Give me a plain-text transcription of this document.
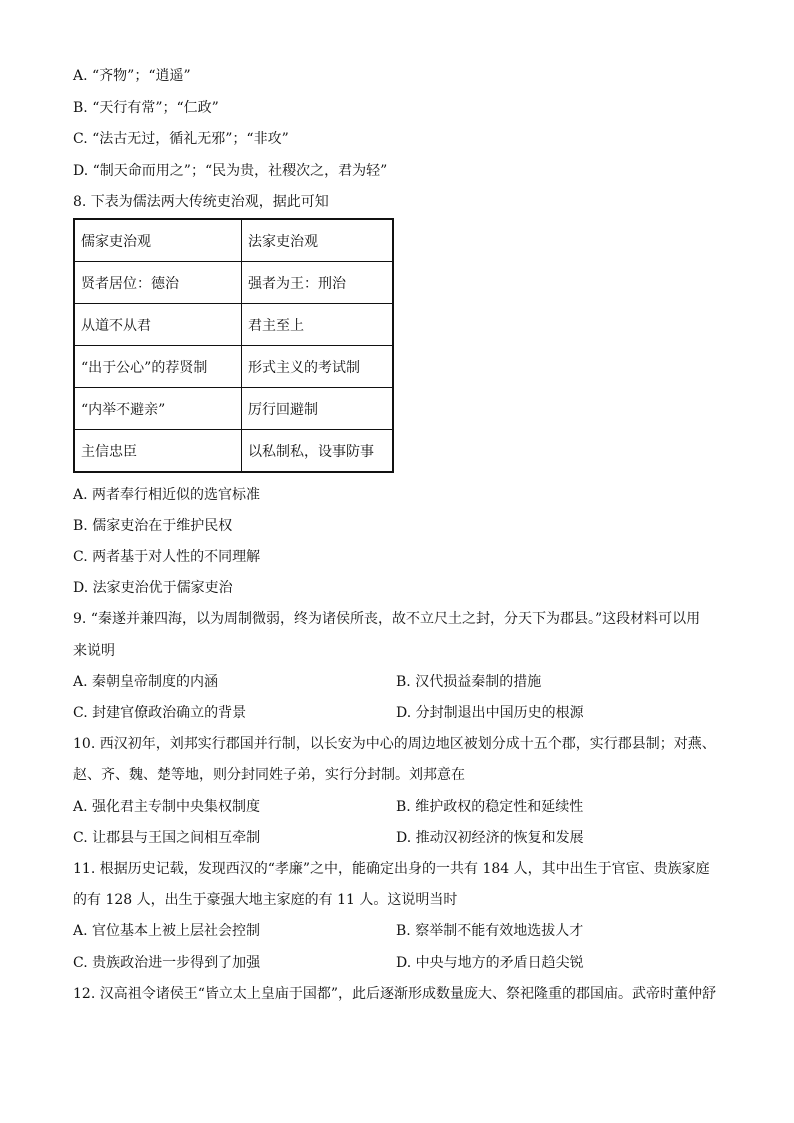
A. “齐物”；“逍遥”
B. “天行有常”；“仁政”
C. “法古无过，循礼无邪”；“非攻”
D. “制天命而用之”；“民为贵，社稷次之，君为轻”
8. 下表为儒法两大传统吏治观，据此可知
儒家吏治观	法家吏治观
贤者居位：德治	强者为王：刑治
从道不从君	君主至上
“出于公心”的荐贤制	形式主义的考试制
“内举不避亲”	厉行回避制
主信忠臣	以私制私，设事防事
A. 两者奉行相近似的选官标准
B. 儒家吏治在于维护民权
C. 两者基于对人性的不同理解
D. 法家吏治优于儒家吏治
9. “秦遂并兼四海，以为周制微弱，终为诸侯所丧，故不立尺土之封，分天下为郡县。”这段材料可以用
来说明
A. 秦朝皇帝制度的内涵	B. 汉代损益秦制的措施
C. 封建官僚政治确立的背景	D. 分封制退出中国历史的根源
10. 西汉初年，刘邦实行郡国并行制，以长安为中心的周边地区被划分成十五个郡，实行郡县制；对燕、
赵、齐、魏、楚等地，则分封同姓子弟，实行分封制。刘邦意在
A. 强化君主专制中央集权制度	B. 维护政权的稳定性和延续性
C. 让郡县与王国之间相互牵制	D. 推动汉初经济的恢复和发展
11. 根据历史记载，发现西汉的“孝廉”之中，能确定出身的一共有 184 人，其中出生于官宦、贵族家庭
的有 128 人，出生于豪强大地主家庭的有 11 人。这说明当时
A. 官位基本上被上层社会控制	B. 察举制不能有效地选拔人才
C. 贵族政治进一步得到了加强	D. 中央与地方的矛盾日趋尖锐
12. 汉高祖令诸侯王“皆立太上皇庙于国都”，此后逐渐形成数量庞大、祭祀隆重的郡国庙。武帝时董仲舒
